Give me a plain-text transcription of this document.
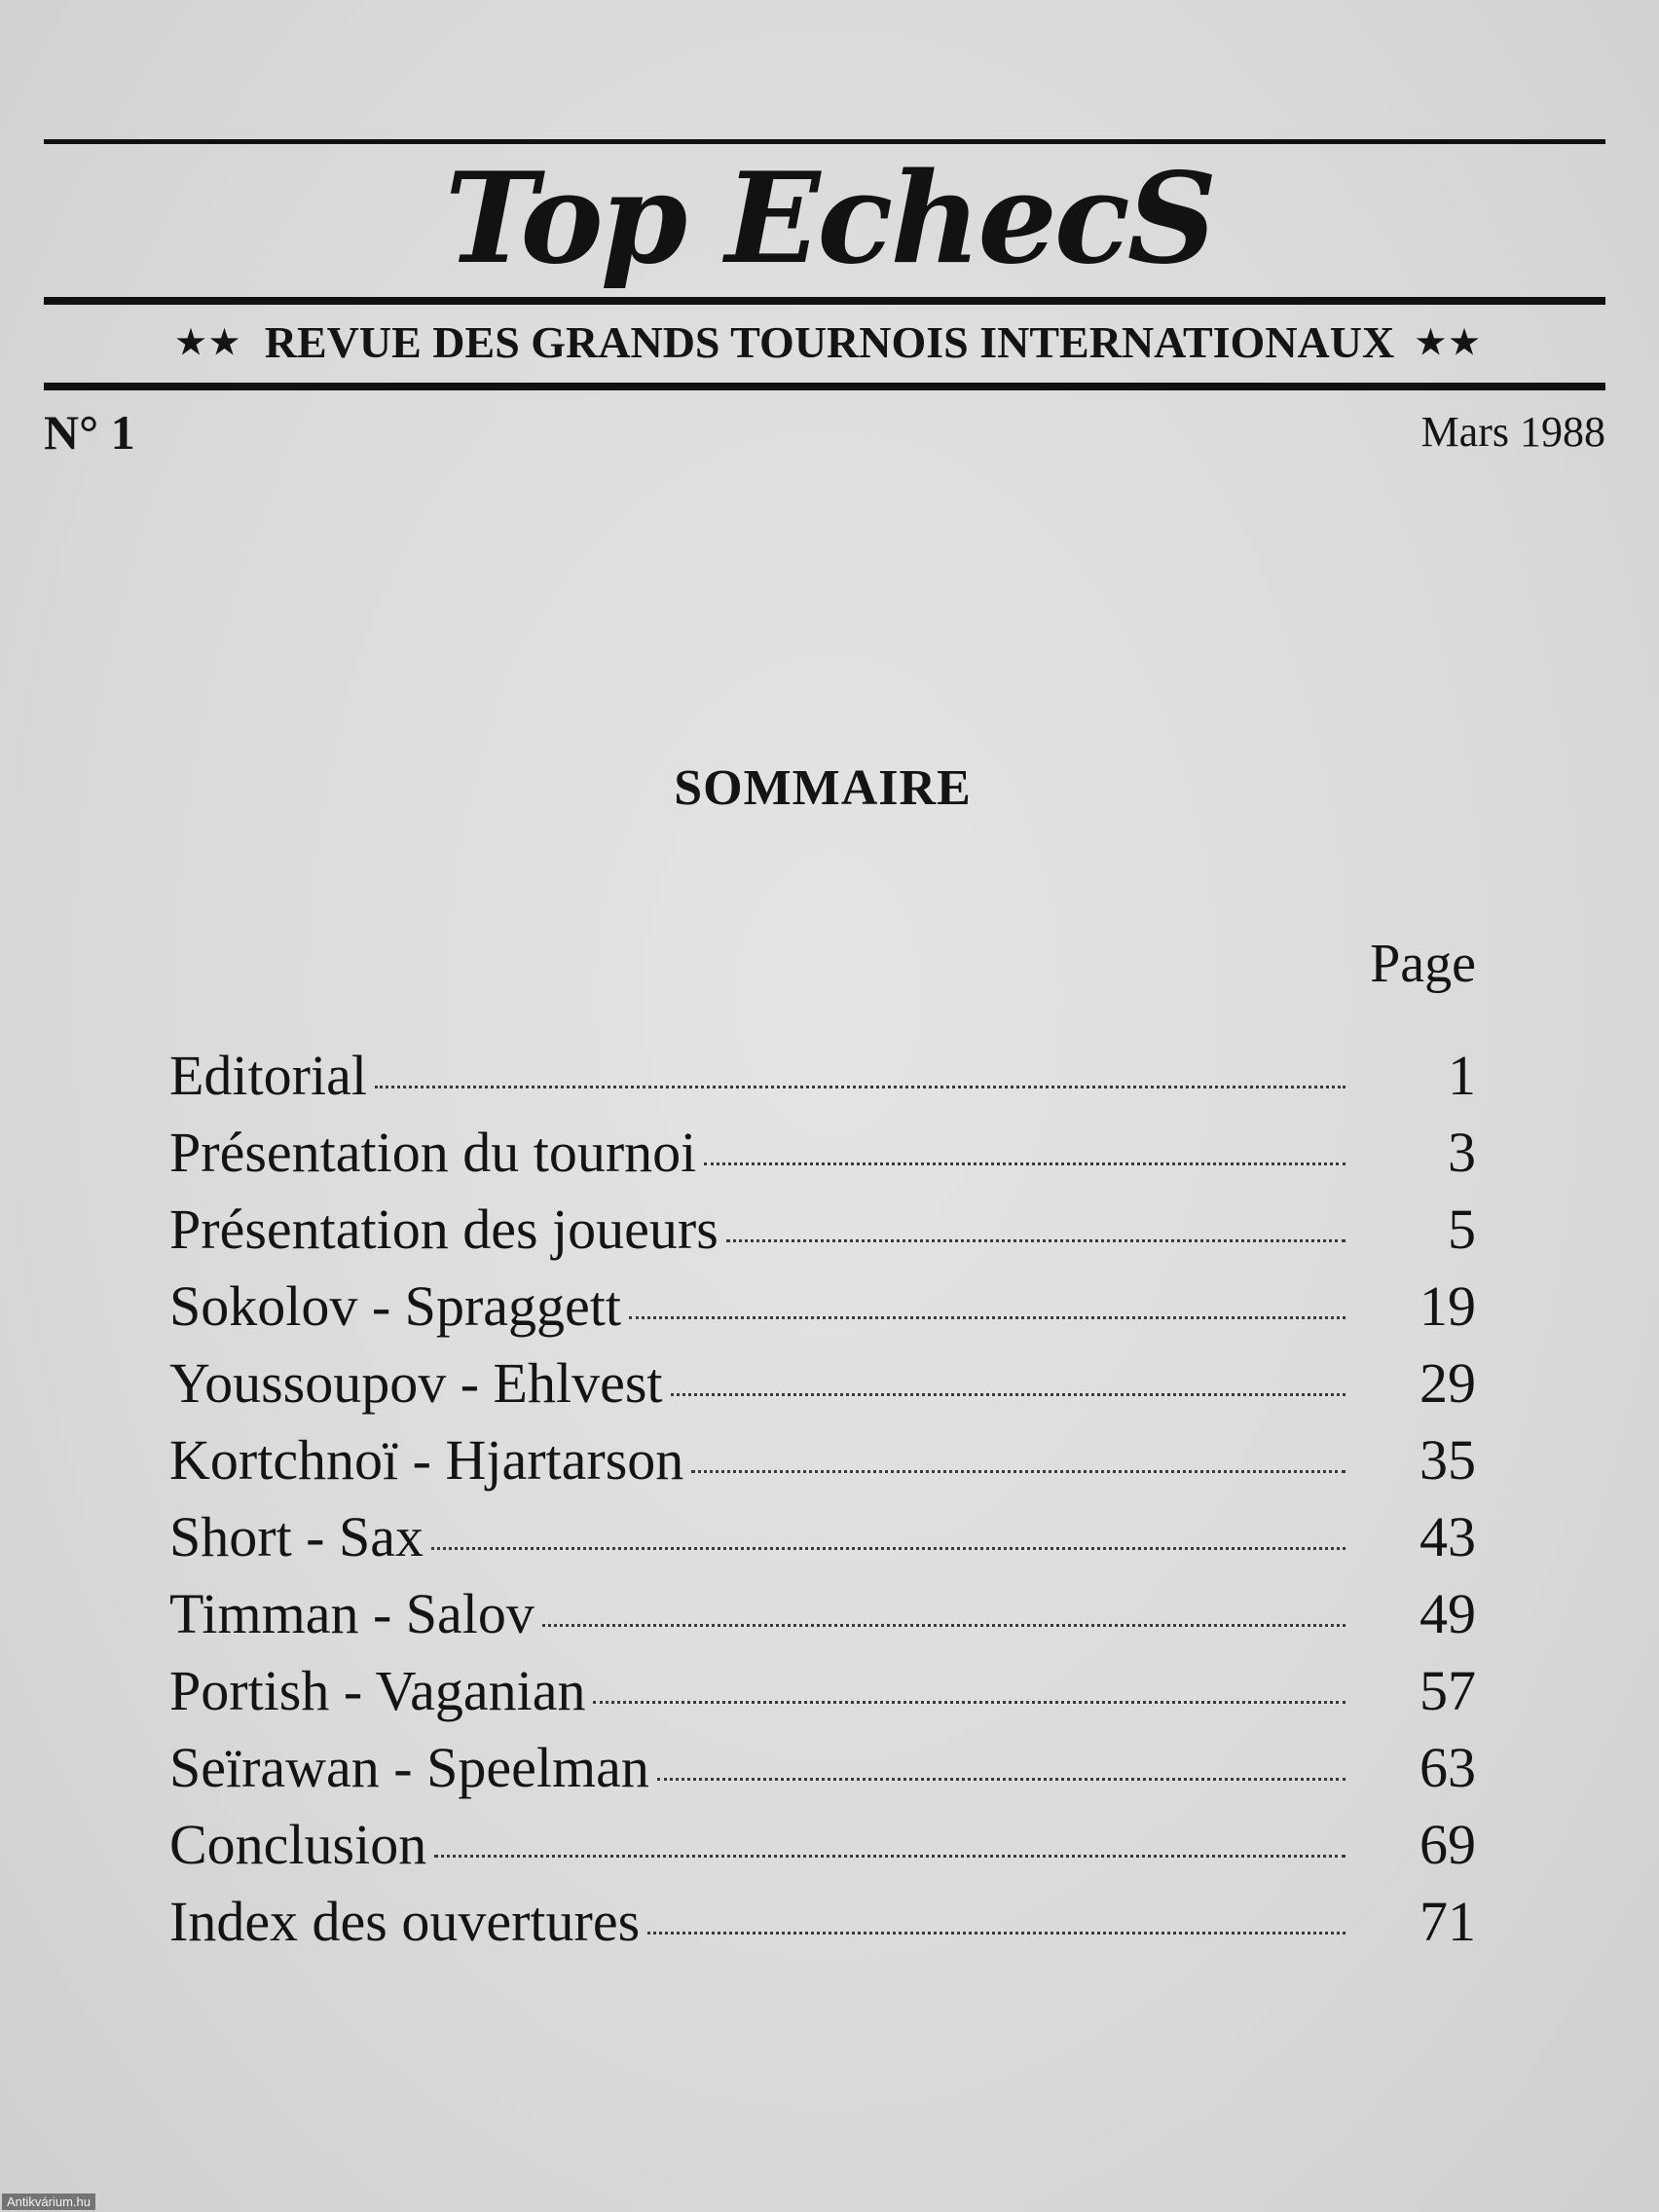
Top EchecS
★★ REVUE DES GRANDS TOURNOIS INTERNATIONAUX ★★
N° 1	Mars 1988
SOMMAIRE
Page
Editorial	1
Présentation du tournoi	3
Présentation des joueurs	5
Sokolov - Spraggett	19
Youssoupov - Ehlvest	29
Kortchnoï - Hjartarson	35
Short - Sax	43
Timman - Salov	49
Portish - Vaganian	57
Seïrawan - Speelman	63
Conclusion	69
Index des ouvertures	71
Antikvárium.hu
